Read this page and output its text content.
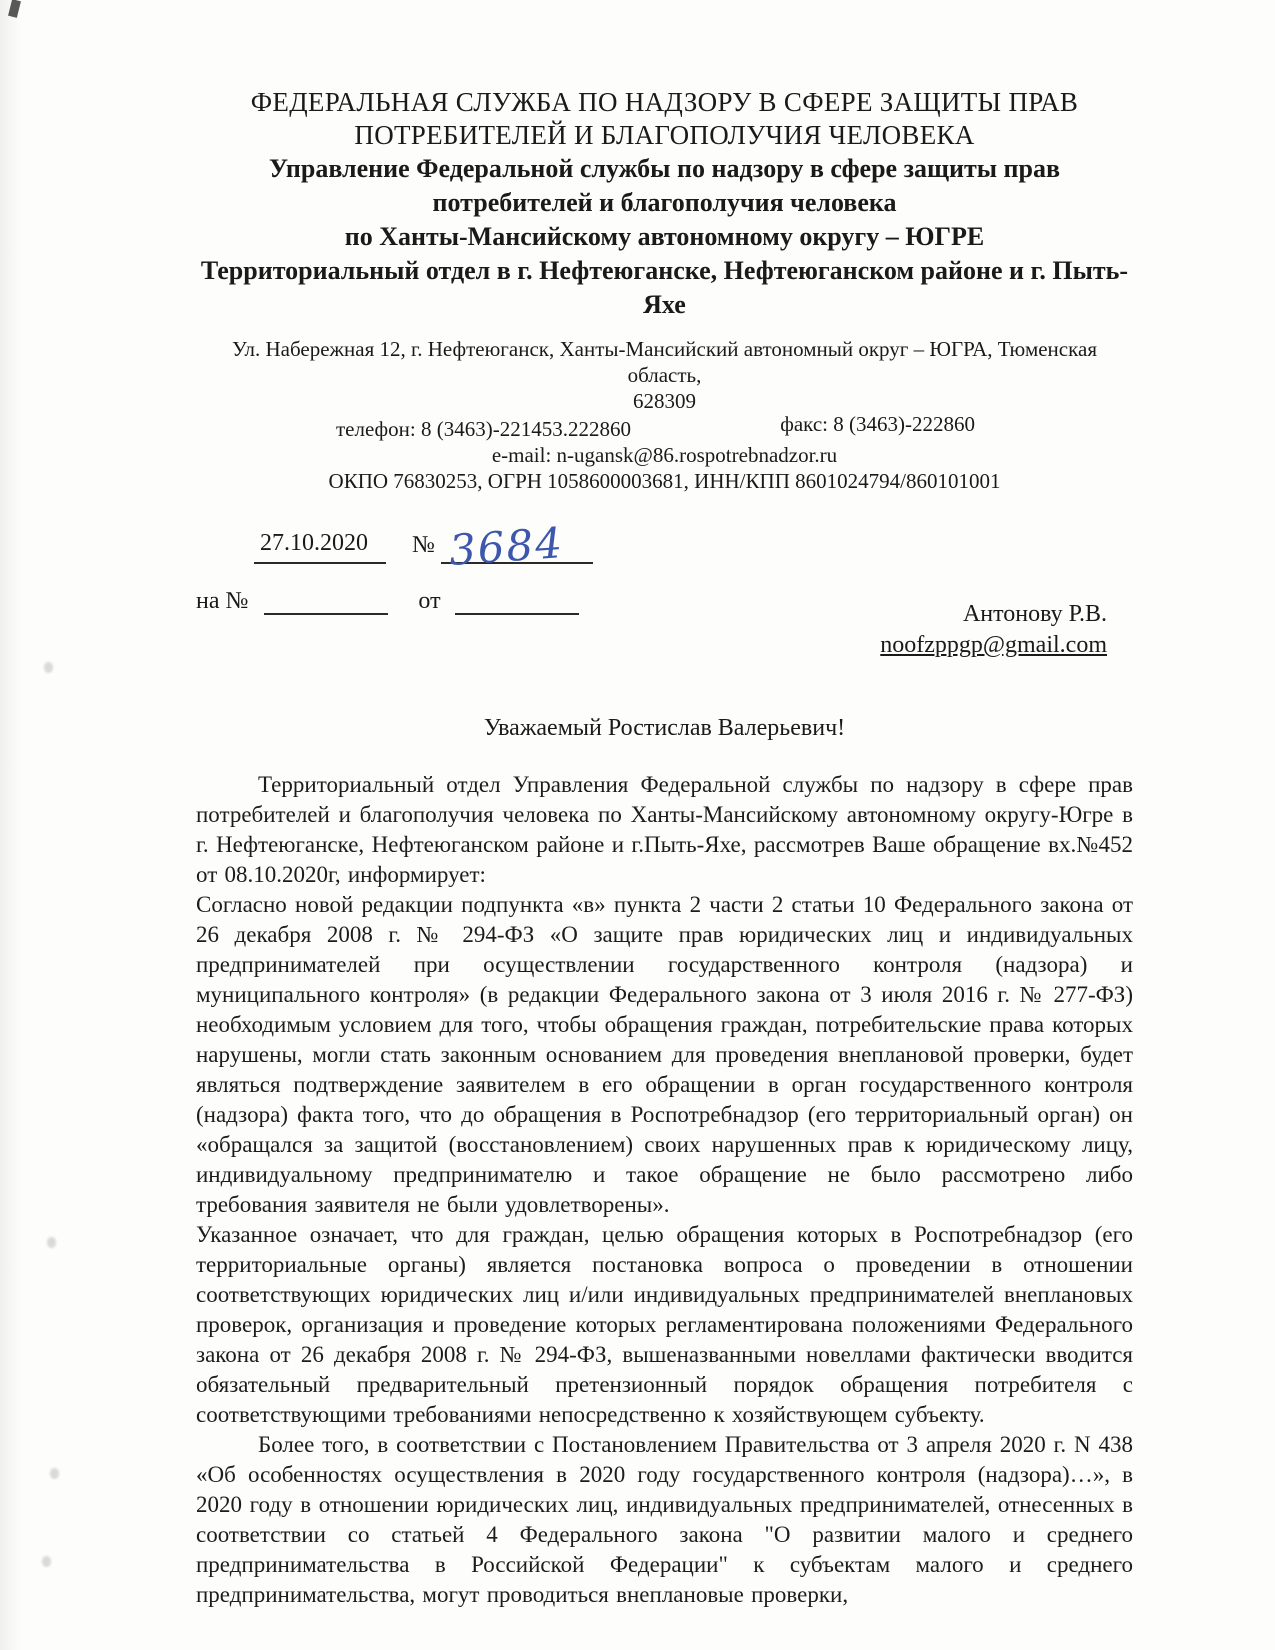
ФЕДЕРАЛЬНАЯ СЛУЖБА ПО НАДЗОРУ В СФЕРЕ ЗАЩИТЫ ПРАВ ПОТРЕБИТЕЛЕЙ И БЛАГОПОЛУЧИЯ ЧЕЛОВЕКА
Управление Федеральной службы по надзору в сфере защиты прав потребителей и благополучия человека
по Ханты-Мансийскому автономному округу – ЮГРЕ
Территориальный отдел в г. Нефтеюганске, Нефтеюганском районе и г. Пыть-Яхе
Ул. Набережная 12, г. Нефтеюганск, Ханты-Мансийский автономный округ – ЮГРА, Тюменская область,
628309
телефон: 8 (3463)-221453.222860	факс: 8 (3463)-222860
e-mail: n-ugansk@86.rospotrebnadzor.ru
ОКПО 76830253, ОГРН 1058600003681, ИНН/КПП 8601024794/860101001
27.10.2020	№ 3684
на №	от	Антонову Р.В.
noofzppgp@gmail.com
Уважаемый Ростислав Валерьевич!

Территориальный отдел Управления Федеральной службы по надзору в сфере прав потребителей и благополучия человека по Ханты-Мансийскому автономному округу-Югре в г. Нефтеюганске, Нефтеюганском районе и г.Пыть-Яхе, рассмотрев Ваше обращение вх.№452 от 08.10.2020г, информирует:

Согласно новой редакции подпункта «в» пункта 2 части 2 статьи 10 Федерального закона от 26 декабря 2008 г. № 294-ФЗ «О защите прав юридических лиц и индивидуальных предпринимателей при осуществлении государственного контроля (надзора) и муниципального контроля» (в редакции Федерального закона от 3 июля 2016 г. № 277-ФЗ) необходимым условием для того, чтобы обращения граждан, потребительские права которых нарушены, могли стать законным основанием для проведения внеплановой проверки, будет являться подтверждение заявителем в его обращении в орган государственного контроля (надзора) факта того, что до обращения в Роспотребнадзор (его территориальный орган) он «обращался за защитой (восстановлением) своих нарушенных прав к юридическому лицу, индивидуальному предпринимателю и такое обращение не было рассмотрено либо требования заявителя не были удовлетворены».

Указанное означает, что для граждан, целью обращения которых в Роспотребнадзор (его территориальные органы) является постановка вопроса о проведении в отношении соответствующих юридических лиц и/или индивидуальных предпринимателей внеплановых проверок, организация и проведение которых регламентирована положениями Федерального закона от 26 декабря 2008 г. № 294-ФЗ, вышеназванными новеллами фактически вводится обязательный предварительный претензионный порядок обращения потребителя с соответствующими требованиями непосредственно к хозяйствующем субъекту.

Более того, в соответствии с Постановлением Правительства от 3 апреля 2020 г. N 438 «Об особенностях осуществления в 2020 году государственного контроля (надзора)…», в 2020 году в отношении юридических лиц, индивидуальных предпринимателей, отнесенных в соответствии со статьей 4 Федерального закона "О развитии малого и среднего предпринимательства в Российской Федерации" к субъектам малого и среднего предпринимательства, могут проводиться внеплановые проверки,
